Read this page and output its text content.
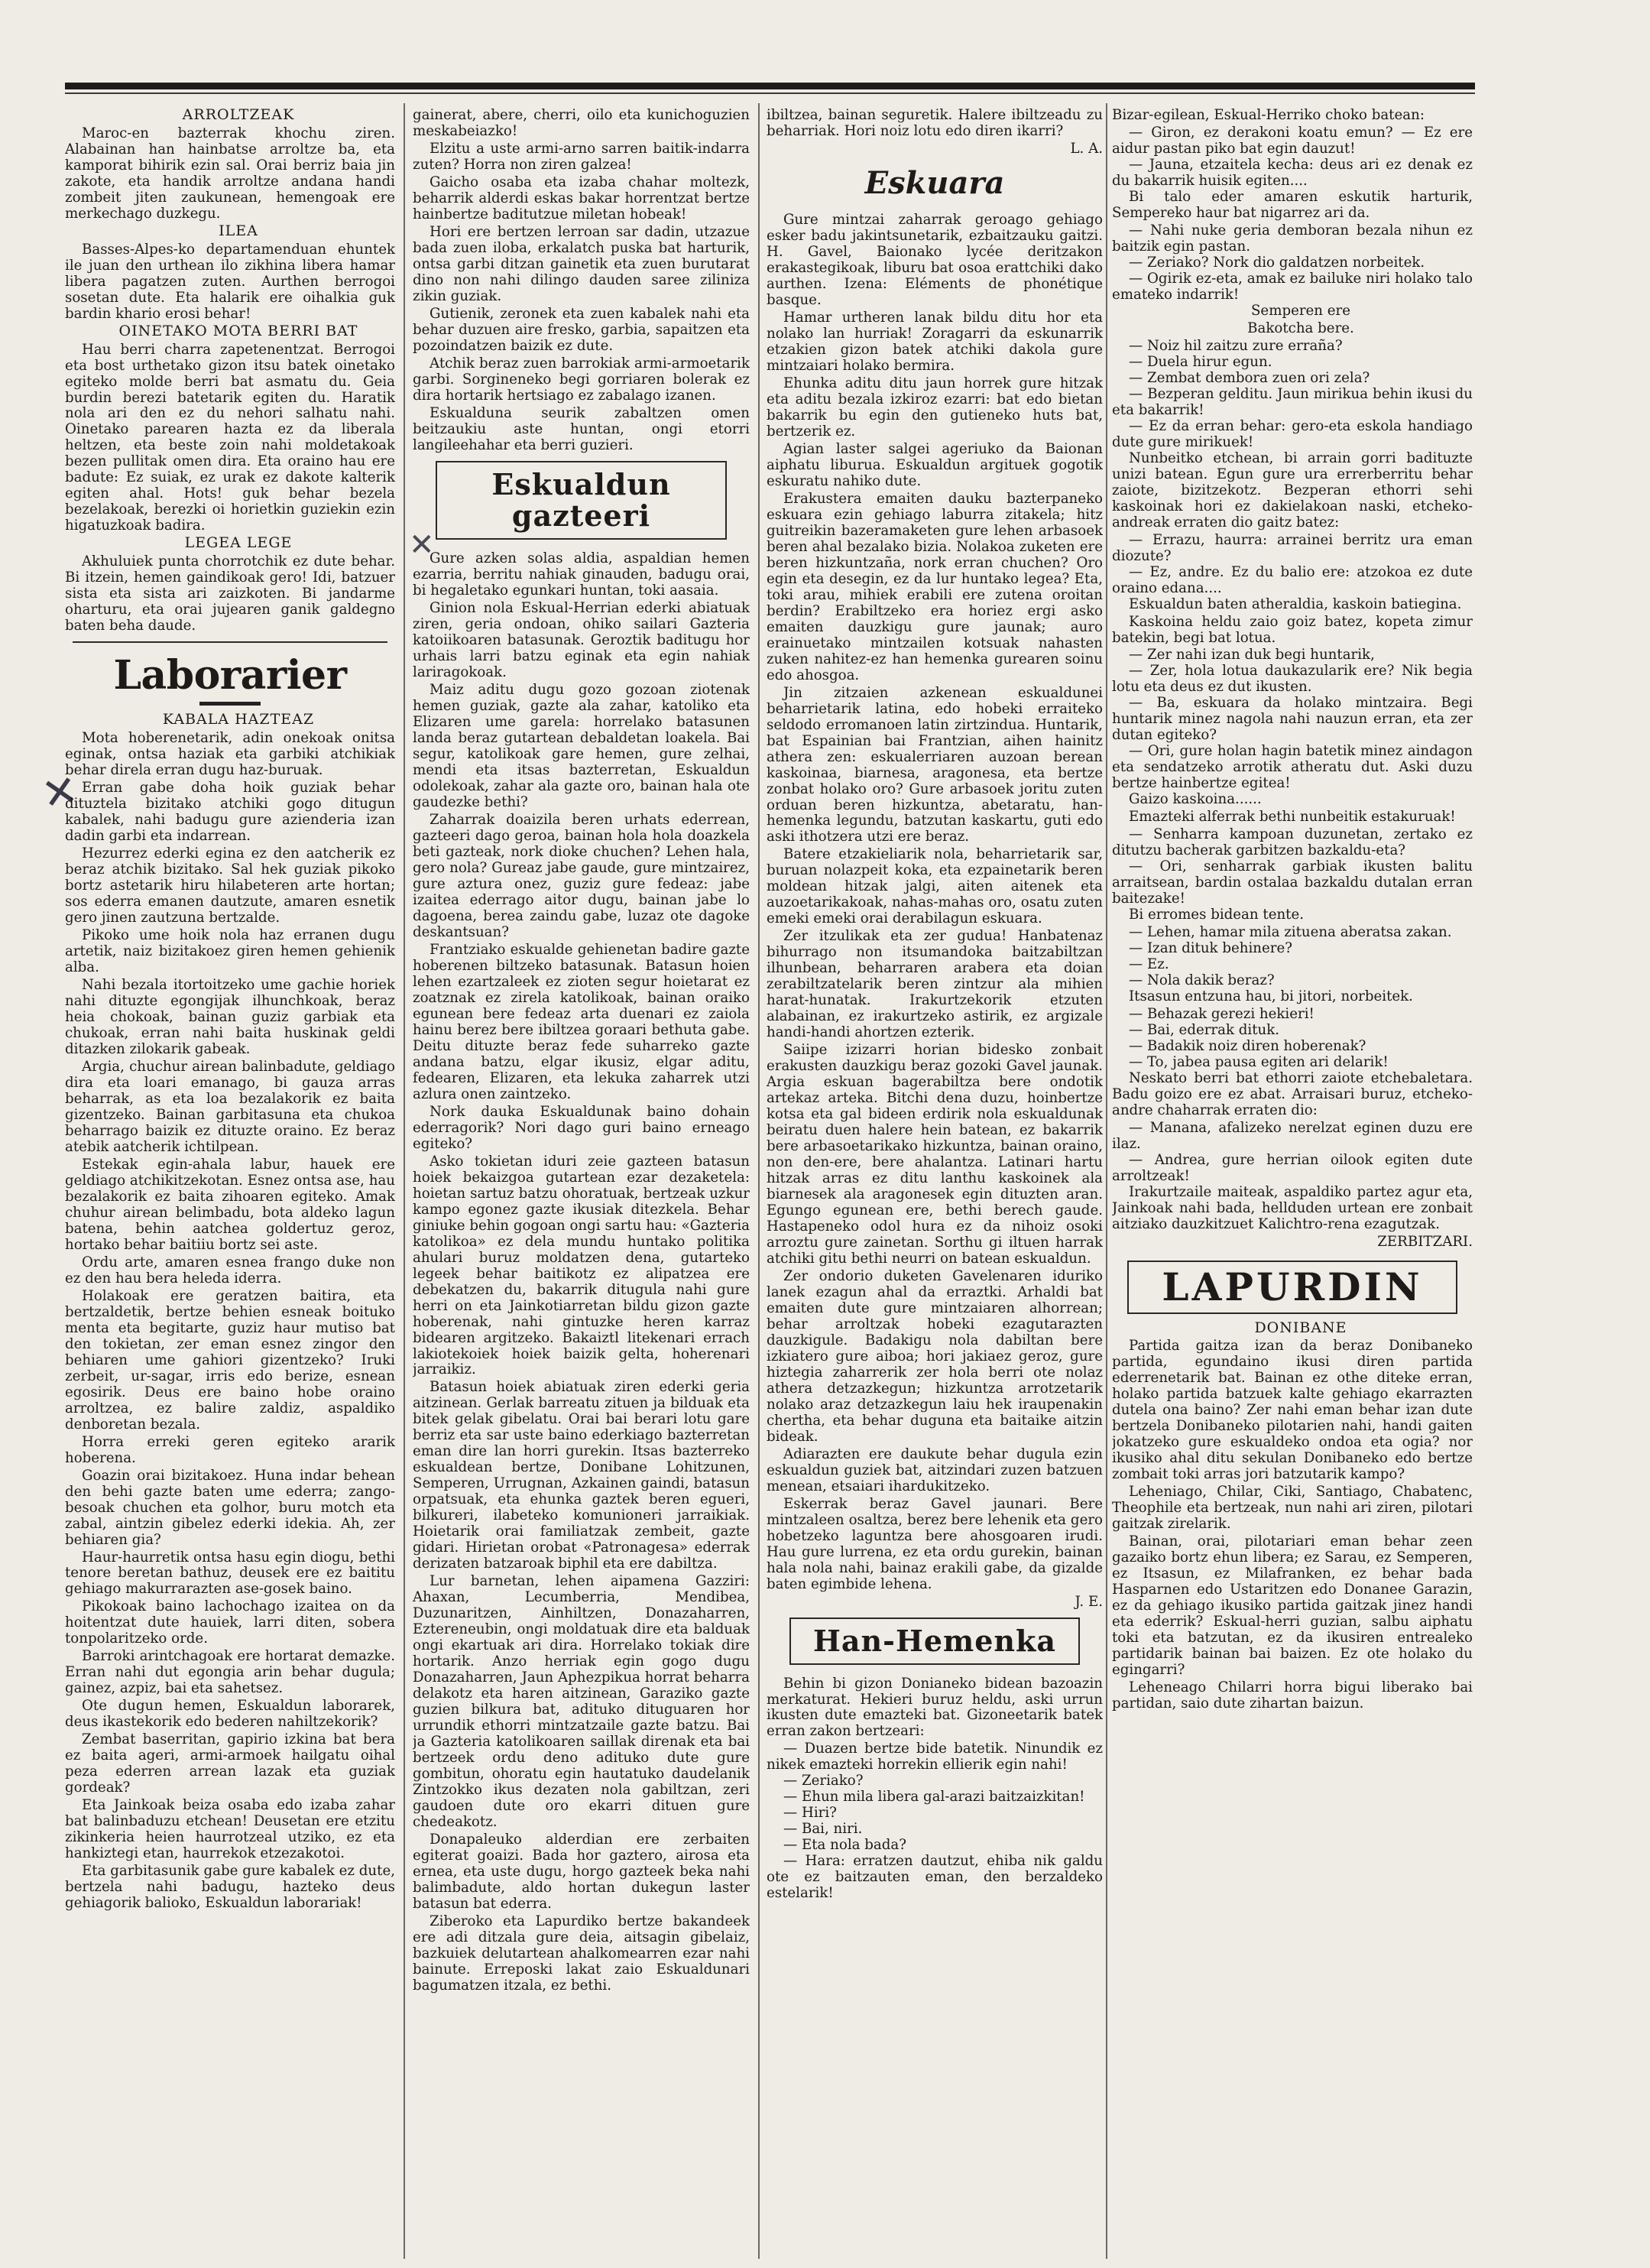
✕
✕

ARROLTZEAK

Maroc-en bazterrak khochu ziren. Alabainan han hainbatse arroltze ba, eta kamporat bihirik ezin sal. Orai berriz baia jin zakote, eta handik arroltze andana handi zombeit jiten zaukunean, hemengoak ere merkechago duzkegu.

ILEA

Basses-Alpes-ko departamenduan ehuntek ile juan den urthean ilo zikhina libera hamar libera pagatzen zuten. Aurthen berrogoi sosetan dute. Eta halarik ere oihalkia guk bardin khario erosi behar!

OINETAKO MOTA BERRI BAT

Hau berri charra zapetenentzat. Berrogoi eta bost urthetako gizon itsu batek oinetako egiteko molde berri bat asmatu du. Geia burdin berezi batetarik egiten du. Haratik nola ari den ez du nehori salhatu nahi. Oinetako parearen hazta ez da liberala heltzen, eta beste zoin nahi moldetakoak bezen pullitak omen dira. Eta oraino hau ere badute: Ez suiak, ez urak ez dakote kalterik egiten ahal. Hots! guk behar bezela bezelakoak, berezki oi horietkin guziekin ezin higatuzkoak badira.

LEGEA LEGE

Akhuluiek punta chorrotchik ez dute behar. Bi itzein, hemen gaindikoak gero! Idi, batzuer sista eta sista ari zaizkoten. Bi jandarme oharturu, eta orai jujearen ganik galdegno baten beha daude.

Laborarier

KABALA HAZTEAZ

Mota hoberenetarik, adin onekoak onitsa eginak, ontsa haziak eta garbiki atchikiak behar direla erran dugu haz-buruak.

Erran gabe doha hoik guziak behar dituztela bizitako atchiki gogo ditugun kabalek, nahi badugu gure azienderia izan dadin garbi eta indarrean.

Hezurrez ederki egina ez den aatcherik ez beraz atchik bizitako. Sal hek guziak pikoko bortz astetarik hiru hilabeteren arte hortan; sos ederra emanen dautzute, amaren esnetik gero jinen zautzuna bertzalde.

Pikoko ume hoik nola haz erranen dugu artetik, naiz bizitakoez giren hemen gehienik alba.

Nahi bezala itortoitzeko ume gachie horiek nahi dituzte egongijak ilhunchkoak, beraz heia chokoak, bainan guziz garbiak eta chukoak, erran nahi baita huskinak geldi ditazken zilokarik gabeak.

Argia, chuchur airean balinbadute, geldiago dira eta loari emanago, bi gauza arras beharrak, as eta loa bezalakorik ez baita gizentzeko. Bainan garbitasuna eta chukoa beharrago baizik ez dituzte oraino. Ez beraz atebik aatcherik ichtilpean.

Estekak egin-ahala labur, hauek ere geldiago atchikitzekotan. Esnez ontsa ase, hau bezalakorik ez baita zihoaren egiteko. Amak chuhur airean belimbadu, bota aldeko lagun batena, behin aatchea goldertuz geroz, hortako behar baitiiu bortz sei aste.

Ordu arte, amaren esnea frango duke non ez den hau bera heleda iderra.

Holakoak ere geratzen baitira, eta bertzaldetik, bertze behien esneak boituko menta eta begitarte, guziz haur mutiso bat den tokietan, zer eman esnez zingor den behiaren ume gahiori gizentzeko? Iruki zerbeit, ur-sagar, irris edo berize, esnean egosirik. Deus ere baino hobe oraino arroltzea, ez balire zaldiz, aspaldiko denboretan bezala.

Horra erreki geren egiteko ararik hoberena.

Goazin orai bizitakoez. Huna indar behean den behi gazte baten ume ederra; zango-besoak chuchen eta golhor, buru motch eta zabal, aintzin gibelez ederki idekia. Ah, zer behiaren gia?

Haur-haurretik ontsa hasu egin diogu, bethi tenore beretan bathuz, deusek ere ez baititu gehiago makurrarazten ase-gosek baino.

Pikokoak baino lachochago izaitea on da hoitentzat dute hauiek, larri diten, sobera tonpolaritzeko orde.

Barroki arintchagoak ere hortarat demazke. Erran nahi dut egongia arin behar dugula; gainez, azpiz, bai eta sahetsez.

Ote dugun hemen, Eskualdun laborarek, deus ikastekorik edo bederen nahiltzekorik?

Zembat baserritan, gapirio izkina bat bera ez baita ageri, armi-armoek hailgatu oihal peza ederren arrean lazak eta guziak gordeak?

Eta Jainkoak beiza osaba edo izaba zahar bat balinbaduzu etchean! Deusetan ere etzitu zikinkeria heien haurrotzeal utziko, ez eta hankiztegi etan, haurrekok etzezakotoi.

Eta garbitasunik gabe gure kabalek ez dute, bertzela nahi badugu, hazteko deus gehiagorik balioko, Eskualdun laborariak!

gainerat, abere, cherri, oilo eta kunichoguzien meskabeiazko!

Elzitu a uste armi-arno sarren baitik-indarra zuten? Horra non ziren galzea!

Gaicho osaba eta izaba chahar moltezk, beharrik alderdi eskas bakar horrentzat bertze hainbertze baditutzue miletan hobeak!

Hori ere bertzen lerroan sar dadin, utzazue bada zuen iloba, erkalatch puska bat harturik, ontsa garbi ditzan gainetik eta zuen burutarat dino non nahi dilingo dauden saree ziliniza zikin guziak.

Gutienik, zeronek eta zuen kabalek nahi eta behar duzuen aire fresko, garbia, sapaitzen eta pozoindatzen baizik ez dute.

Atchik beraz zuen barrokiak armi-armoetarik garbi. Sorgineneko begi gorriaren bolerak ez dira hortarik hertsiago ez zabalago izanen.

Eskualduna seurik zabaltzen omen beitzaukiu aste huntan, ongi etorri langileehahar eta berri guzieri.

Eskualdun gazteeri

Gure azken solas aldia, aspaldian hemen ezarria, berritu nahiak ginauden, badugu orai, bi hegaletako egunkari huntan, toki aasaia.

Ginion nola Eskual-Herrian ederki abiatuak ziren, geria ondoan, ohiko sailari Gazteria katoiikoaren batasunak. Geroztik baditugu hor urhais larri batzu eginak eta egin nahiak lariragokoak.

Maiz aditu dugu gozo gozoan ziotenak hemen guziak, gazte ala zahar, katoliko eta Elizaren ume garela: horrelako batasunen landa beraz gutartean debaldetan loakela. Bai segur, katolikoak gare hemen, gure zelhai, mendi eta itsas bazterretan, Eskualdun odolekoak, zahar ala gazte oro, bainan hala ote gaudezke bethi?

Zaharrak doaizila beren urhats ederrean, gazteeri dago geroa, bainan hola hola doazkela beti gazteak, nork dioke chuchen? Lehen hala, gero nola? Gureaz jabe gaude, gure mintzairez, gure aztura onez, guziz gure fedeaz: jabe izaitea ederrago aitor dugu, bainan jabe lo dagoena, berea zaindu gabe, luzaz ote dagoke deskantsuan?

Frantziako eskualde gehienetan badire gazte hoberenen biltzeko batasunak. Batasun hoien lehen ezartzaleek ez zioten segur hoietarat ez zoatznak ez zirela katolikoak, bainan oraiko egunean bere fedeaz arta duenari ez zaiola hainu berez bere ibiltzea goraari bethuta gabe. Deitu dituzte beraz fede suharreko gazte andana batzu, elgar ikusiz, elgar aditu, fedearen, Elizaren, eta lekuka zaharrek utzi azlura onen zaintzeko.

Nork dauka Eskualdunak baino dohain ederragorik? Nori dago guri baino erneago egiteko?

Asko tokietan iduri zeie gazteen batasun hoiek bekaizgoa gutartean ezar dezaketela: hoietan sartuz batzu ohoratuak, bertzeak uzkur kampo egonez gazte ikusiak ditezkela. Behar giniuke behin gogoan ongi sartu hau: «Gazteria katolikoa» ez dela mundu huntako politika ahulari buruz moldatzen dena, gutarteko legeek behar baitikotz ez alipatzea ere debekatzen du, bakarrik ditugula nahi gure herri on eta Jainkotiarretan bildu gizon gazte hoberenak, nahi gintuzke heren karraz bidearen argitzeko. Bakaiztl litekenari errach lakiotekoiek hoiek baizik gelta, hoherenari jarraikiz.

Batasun hoiek abiatuak ziren ederki geria aitzinean. Gerlak barreatu zituen ja bilduak eta bitek gelak gibelatu. Orai bai berari lotu gare berriz eta sar uste baino ederkiago bazterretan eman dire lan horri gurekin. Itsas bazterreko eskualdean bertze, Donibane Lohitzunen, Semperen, Urrugnan, Azkainen gaindi, batasun orpatsuak, eta ehunka gaztek beren egueri, bilkureri, ilabeteko komunioneri jarraikiak. Hoietarik orai familiatzak zembeit, gazte gidari. Hirietan orobat «Patronagesa» ederrak derizaten batzaroak biphil eta ere dabiltza.

Lur barnetan, lehen aipamena Gazziri: Ahaxan, Lecumberria, Mendibea, Duzunaritzen, Ainhiltzen, Donazaharren, Eztereneubin, ongi moldatuak dire eta balduak ongi ekartuak ari dira. Horrelako tokiak dire hortarik. Anzo herriak egin gogo dugu Donazaharren, Jaun Aphezpikua horrat beharra delakotz eta haren aitzinean, Garaziko gazte guzien bilkura bat, adituko dituguaren hor urrundik ethorri mintzatzaile gazte batzu. Bai ja Gazteria katolikoaren saillak direnak eta bai bertzeek ordu deno adituko dute gure gombitun, ohoratu egin hautatuko daudelanik Zintzokko ikus dezaten nola gabiltzan, zeri gaudoen dute oro ekarri dituen gure chedeakotz.

Donapaleuko alderdian ere zerbaiten egiterat goaizi. Bada hor gaztero, airosa eta ernea, eta uste dugu, horgo gazteek beka nahi balimbadute, aldo hortan dukegun laster batasun bat ederra.

Ziberoko eta Lapurdiko bertze bakandeek ere adi ditzala gure deia, aitsagin gibelaiz, bazkuiek delutartean ahalkomearren ezar nahi bainute. Erreposki lakat zaio Eskualdunari bagumatzen itzala, ez bethi.

ibiltzea, bainan seguretik. Halere ibiltzeadu zu beharriak. Hori noiz lotu edo diren ikarri?

L. A.

Eskuara

Gure mintzai zaharrak geroago gehiago esker badu jakintsunetarik, ezbaitzauku gaitzi. H. Gavel, Baionako lycée deritzakon erakastegikoak, liburu bat osoa erattchiki dako aurthen. Izena: Eléments de phonétique basque.

Hamar urtheren lanak bildu ditu hor eta nolako lan hurriak! Zoragarri da eskunarrik etzakien gizon batek atchiki dakola gure mintzaiari holako bermira.

Ehunka aditu ditu jaun horrek gure hitzak eta aditu bezala izkiroz ezarri: bat edo bietan bakarrik bu egin den gutieneko huts bat, bertzerik ez.

Agian laster salgei ageriuko da Baionan aiphatu liburua. Eskualdun argituek gogotik eskuratu nahiko dute.

Erakustera emaiten dauku bazterpaneko eskuara ezin gehiago laburra zitakela; hitz guitreikin bazeramaketen gure lehen arbasoek beren ahal bezalako bizia. Nolakoa zuketen ere beren hizkuntzaña, nork erran chuchen? Oro egin eta desegin, ez da lur huntako legea? Eta, toki arau, mihiek erabili ere zutena oroitan berdin? Erabiltzeko era horiez ergi asko emaiten dauzkigu gure jaunak; auro erainuetako mintzailen kotsuak nahasten zuken nahitez-ez han hemenka gurearen soinu edo ahosgoa.

Jin zitzaien azkenean eskualdunei beharrietarik latina, edo hobeki erraiteko seldodo erromanoen latin zirtzindua. Huntarik, bat Espainian bai Frantzian, aihen hainitz athera zen: eskualerriaren auzoan berean kaskoinaa, biarnesa, aragonesa, eta bertze zonbat holako oro? Gure arbasoek joritu zuten orduan beren hizkuntza, abetaratu, han-hemenka legundu, batzutan kaskartu, guti edo aski ithotzera utzi ere beraz.

Batere etzakieliarik nola, beharrietarik sar, buruan nolazpeit koka, eta ezpainetarik beren moldean hitzak jalgi, aiten aitenek eta auzoetarikakoak, nahas-mahas oro, osatu zuten emeki emeki orai derabilagun eskuara.

Zer itzulikak eta zer gudua! Hanbatenaz bihurrago non itsumandoka baitzabiltzan ilhunbean, beharraren arabera eta doian zerabiltzatelarik beren zintzur ala mihien harat-hunatak. Irakurtzekorik etzuten alabainan, ez irakurtzeko astirik, ez argizale handi-handi ahortzen ezterik.

Saiipe izizarri horian bidesko zonbait erakusten dauzkigu beraz gozoki Gavel jaunak. Argia eskuan bagerabiltza bere ondotik artekaz arteka. Bitchi dena duzu, hoinbertze kotsa eta gal bideen erdirik nola eskualdunak beiratu duen halere hein batean, ez bakarrik bere arbasoetarikako hizkuntza, bainan oraino, non den-ere, bere ahalantza. Latinari hartu hitzak arras ez ditu lanthu kaskoinek ala biarnesek ala aragonesek egin dituzten aran. Egungo egunean ere, bethi berech gaude. Hastapeneko odol hura ez da nihoiz osoki arroztu gure zainetan. Sorthu gi iltuen harrak atchiki gitu bethi neurri on batean eskualdun.

Zer ondorio duketen Gavelenaren iduriko lanek ezagun ahal da erraztki. Arhaldi bat emaiten dute gure mintzaiaren alhorrean; behar arroltzak hobeki ezagutarazten dauzkigule. Badakigu nola dabiltan bere izkiatero gure aiboa; hori jakiaez geroz, gure hiztegia zaharrerik zer hola berri ote nolaz athera detzazkegun; hizkuntza arrotzetarik nolako araz detzazkegun laiu hek iraupenakin chertha, eta behar duguna eta baitaike aitzin bideak.

Adiarazten ere daukute behar dugula ezin eskualdun guziek bat, aitzindari zuzen batzuen menean, etsaiari ihardukitzeko.

Eskerrak beraz Gavel jaunari. Bere mintzaleen osaltza, berez bere lehenik eta gero hobetzeko laguntza bere ahosgoaren irudi. Hau gure lurrena, ez eta ordu gurekin, bainan hala nola nahi, bainaz erakili gabe, da gizalde baten egimbide lehena.

J. E.

Han-Hemenka

Behin bi gizon Donianeko bidean bazoazin merkaturat. Hekieri buruz heldu, aski urrun ikusten dute emazteki bat. Gizoneetarik batek erran zakon bertzeari:

— Duazen bertze bide batetik. Ninundik ez nikek emazteki horrekin ellierik egin nahi!

— Zeriako?

— Ehun mila libera gal-arazi baitzaizkitan!

— Hiri?

— Bai, niri.

— Eta nola bada?

— Hara: erratzen dautzut, ehiba nik galdu ote ez baitzauten eman, den berzaldeko estelarik!

Bizar-egilean, Eskual-Herriko choko batean:

— Giron, ez derakoni koatu emun? — Ez ere aidur pastan piko bat egin dauzut!

— Jauna, etzaitela kecha: deus ari ez denak ez du bakarrik huisik egiten....

Bi talo eder amaren eskutik harturik, Sempereko haur bat nigarrez ari da.

— Nahi nuke geria demboran bezala nihun ez baitzik egin pastan.

— Zeriako? Nork dio galdatzen norbeitek.

— Ogirik ez-eta, amak ez bailuke niri holako talo emateko indarrik!

Semperen ere

Bakotcha bere.

— Noiz hil zaitzu zure erraña?

— Duela hirur egun.

— Zembat dembora zuen ori zela?

— Bezperan gelditu. Jaun mirikua behin ikusi du eta bakarrik!

— Ez da erran behar: gero-eta eskola handiago dute gure mirikuek!

Nunbeitko etchean, bi arrain gorri badituzte unizi batean. Egun gure ura errerberritu behar zaiote, bizitzekotz. Bezperan ethorri sehi kaskoinak hori ez dakielakoan naski, etcheko-andreak erraten dio gaitz batez:

— Errazu, haurra: arrainei berritz ura eman diozute?

— Ez, andre. Ez du balio ere: atzokoa ez dute oraino edana....

Eskualdun baten atheraldia, kaskoin batiegina.

Kaskoina heldu zaio goiz batez, kopeta zimur batekin, begi bat lotua.

— Zer nahi izan duk begi huntarik,

— Zer, hola lotua daukazularik ere? Nik begia lotu eta deus ez dut ikusten.

— Ba, eskuara da holako mintzaira. Begi huntarik minez nagola nahi nauzun erran, eta zer dutan egiteko?

— Ori, gure holan hagin batetik minez aindagon eta sendatzeko arrotik atheratu dut. Aski duzu bertze hainbertze egitea!

Gaizo kaskoina......

Emazteki alferrak bethi nunbeitik estakuruak!

— Senharra kampoan duzunetan, zertako ez ditutzu bacherak garbitzen bazkaldu-eta?

— Ori, senharrak garbiak ikusten balitu arraitsean, bardin ostalaa bazkaldu dutalan erran baitezake!

Bi erromes bidean tente.

— Lehen, hamar mila zituena aberatsa zakan.

— Izan dituk behinere?

— Ez.

— Nola dakik beraz?

Itsasun entzuna hau, bi jitori, norbeitek.

— Behazak gerezi hekieri!

— Bai, ederrak dituk.

— Badakik noiz diren hoberenak?

— To, jabea pausa egiten ari delarik!

Neskato berri bat ethorri zaiote etchebaletara. Badu goizo ere ez abat. Arraisari buruz, etcheko-andre chaharrak erraten dio:

— Manana, afalizeko nerelzat eginen duzu ere ilaz.

— Andrea, gure herrian oilook egiten dute arroltzeak!

Irakurtzaile maiteak, aspaldiko partez agur eta, Jainkoak nahi bada, hellduden urtean ere zonbait aitziako dauzkitzuet Kalichtro-rena ezagutzak.

ZERBITZARI.

LAPURDIN

DONIBANE

Partida gaitza izan da beraz Donibaneko partida, egundaino ikusi diren partida ederrenetarik bat. Bainan ez othe diteke erran, holako partida batzuek kalte gehiago ekarrazten dutela ona baino? Zer nahi eman behar izan dute bertzela Donibaneko pilotarien nahi, handi gaiten jokatzeko gure eskualdeko ondoa eta ogia? nor ikusiko ahal ditu sekulan Donibaneko edo bertze zombait toki arras jori batzutarik kampo?

Leheniago, Chilar, Ciki, Santiago, Chabatenc, Theophile eta bertzeak, nun nahi ari ziren, pilotari gaitzak zirelarik.

Bainan, orai, pilotariari eman behar zeen gazaiko bortz ehun libera; ez Sarau, ez Semperen, ez Itsasun, ez Milafranken, ez behar bada Hasparnen edo Ustaritzen edo Donanee Garazin, ez da gehiago ikusiko partida gaitzak jinez handi eta ederrik? Eskual-herri guzian, salbu aiphatu toki eta batzutan, ez da ikusiren entrealeko partidarik bainan bai baizen. Ez ote holako du egingarri?

Leheneago Chilarri horra bigui liberako bai partidan, saio dute zihartan baizun.
